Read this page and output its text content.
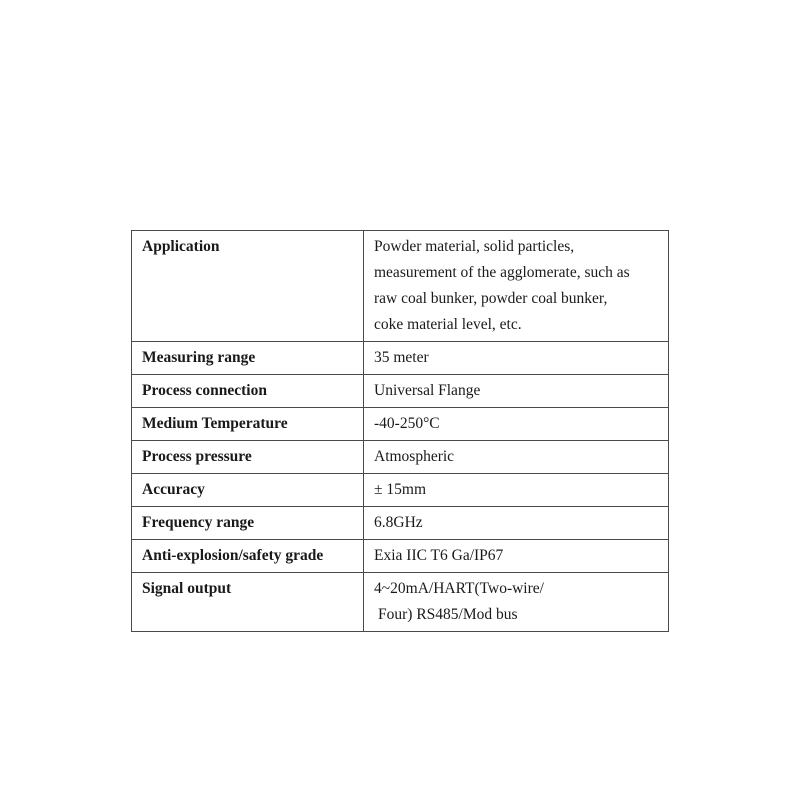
Application	Powder material, solid particles,
measurement of the agglomerate, such as
raw coal bunker, powder coal bunker,
coke material level, etc.

Measuring range	35 meter

Process connection	Universal Flange

Medium Temperature	-40-250°C

Process pressure	Atmospheric

Accuracy	± 15mm

Frequency range	6.8GHz

Anti-explosion/safety grade	Exia IIC T6 Ga/IP67

Signal output	4~20mA/HART(Two-wire/
Four) RS485/Mod bus
